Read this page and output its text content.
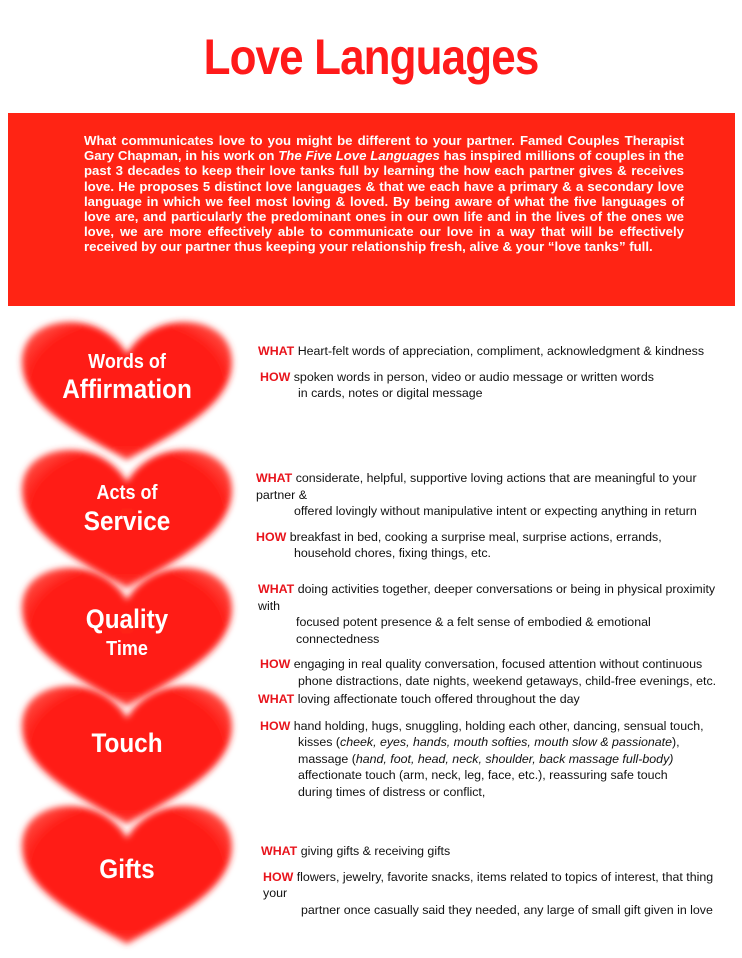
Love Languages
What communicates love to you might be different to your partner. Famed Couples Therapist Gary Chapman, in his work on The Five Love Languages has inspired millions of couples in the past 3 decades to keep their love tanks full by learning the how each partner gives & receives love. He proposes 5 distinct love languages & that we each have a primary & a secondary love language in which we feel most loving & loved. By being aware of what the five languages of love are, and particularly the predominant ones in our own life and in the lives of the ones we love, we are more effectively able to communicate our love in a way that will be effectively received by our partner thus keeping your relationship fresh, alive & your “love tanks” full.
Words of
Affirmation
Acts of
Service
Quality
Time
Touch
Gifts
WHAT Heart-felt words of appreciation, compliment, acknowledgment & kindness
HOW spoken words in person, video or audio message or written words
in cards, notes or digital message
WHAT considerate, helpful, supportive loving actions that are meaningful to your partner &
offered lovingly without manipulative intent or expecting anything in return
HOW breakfast in bed, cooking a surprise meal, surprise actions, errands,
household chores, fixing things, etc.
WHAT doing activities together, deeper conversations or being in physical proximity with
focused potent presence & a felt sense of embodied & emotional connectedness
HOW engaging in real quality conversation, focused attention without continuous
phone distractions, date nights, weekend getaways, child-free evenings, etc.
WHAT loving affectionate touch offered throughout the day
HOW hand holding, hugs, snuggling, holding each other, dancing, sensual touch,
kisses (cheek, eyes, hands, mouth softies, mouth slow & passionate),
massage (hand, foot, head, neck, shoulder, back massage full-body)
affectionate touch (arm, neck, leg, face, etc.), reassuring safe touch
during times of distress or conflict,
WHAT giving gifts & receiving gifts
HOW flowers, jewelry, favorite snacks, items related to topics of interest, that thing your
partner once casually said they needed, any large of small gift given in love
